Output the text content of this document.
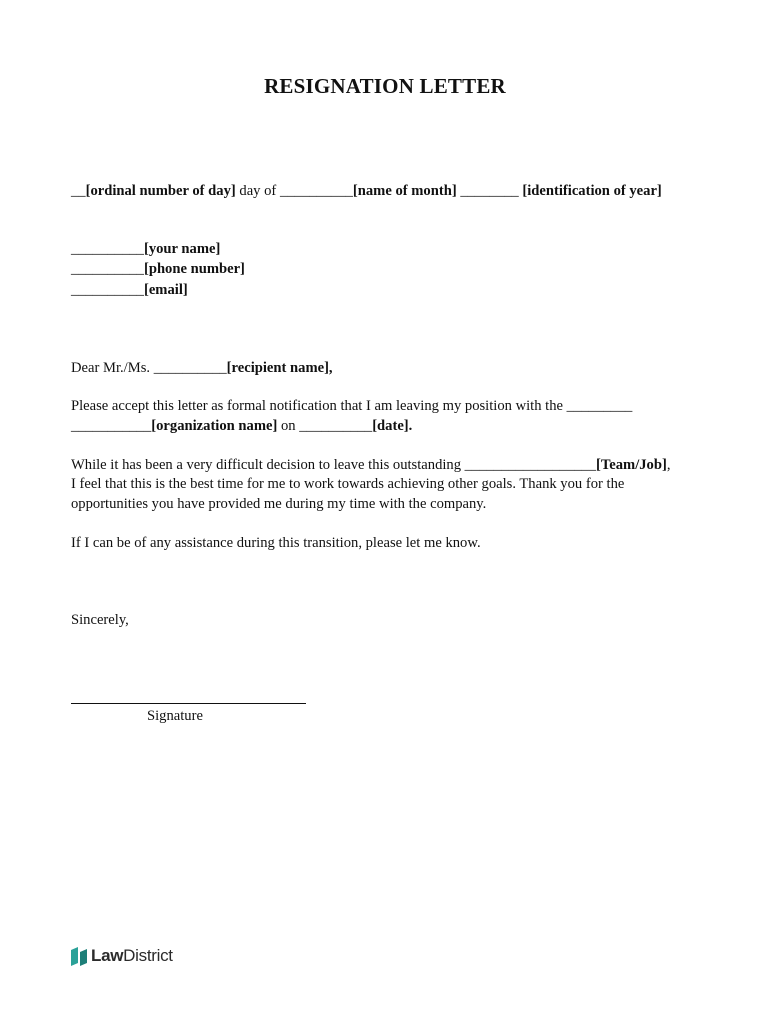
RESIGNATION LETTER
__[ordinal number of day] day of __________[name of month] ________ [identification of year]
__________[your name]
__________[phone number]
__________[email]
Dear Mr./Ms. __________[recipient name],
Please accept this letter as formal notification that I am leaving my position with the _________
___________[organization name] on __________[date].
While it has been a very difficult decision to leave this outstanding __________________[Team/Job],
I feel that this is the best time for me to work towards achieving other goals. Thank you for the
opportunities you have provided me during my time with the company.
If I can be of any assistance during this transition, please let me know.
Sincerely,
Signature
LawDistrict
